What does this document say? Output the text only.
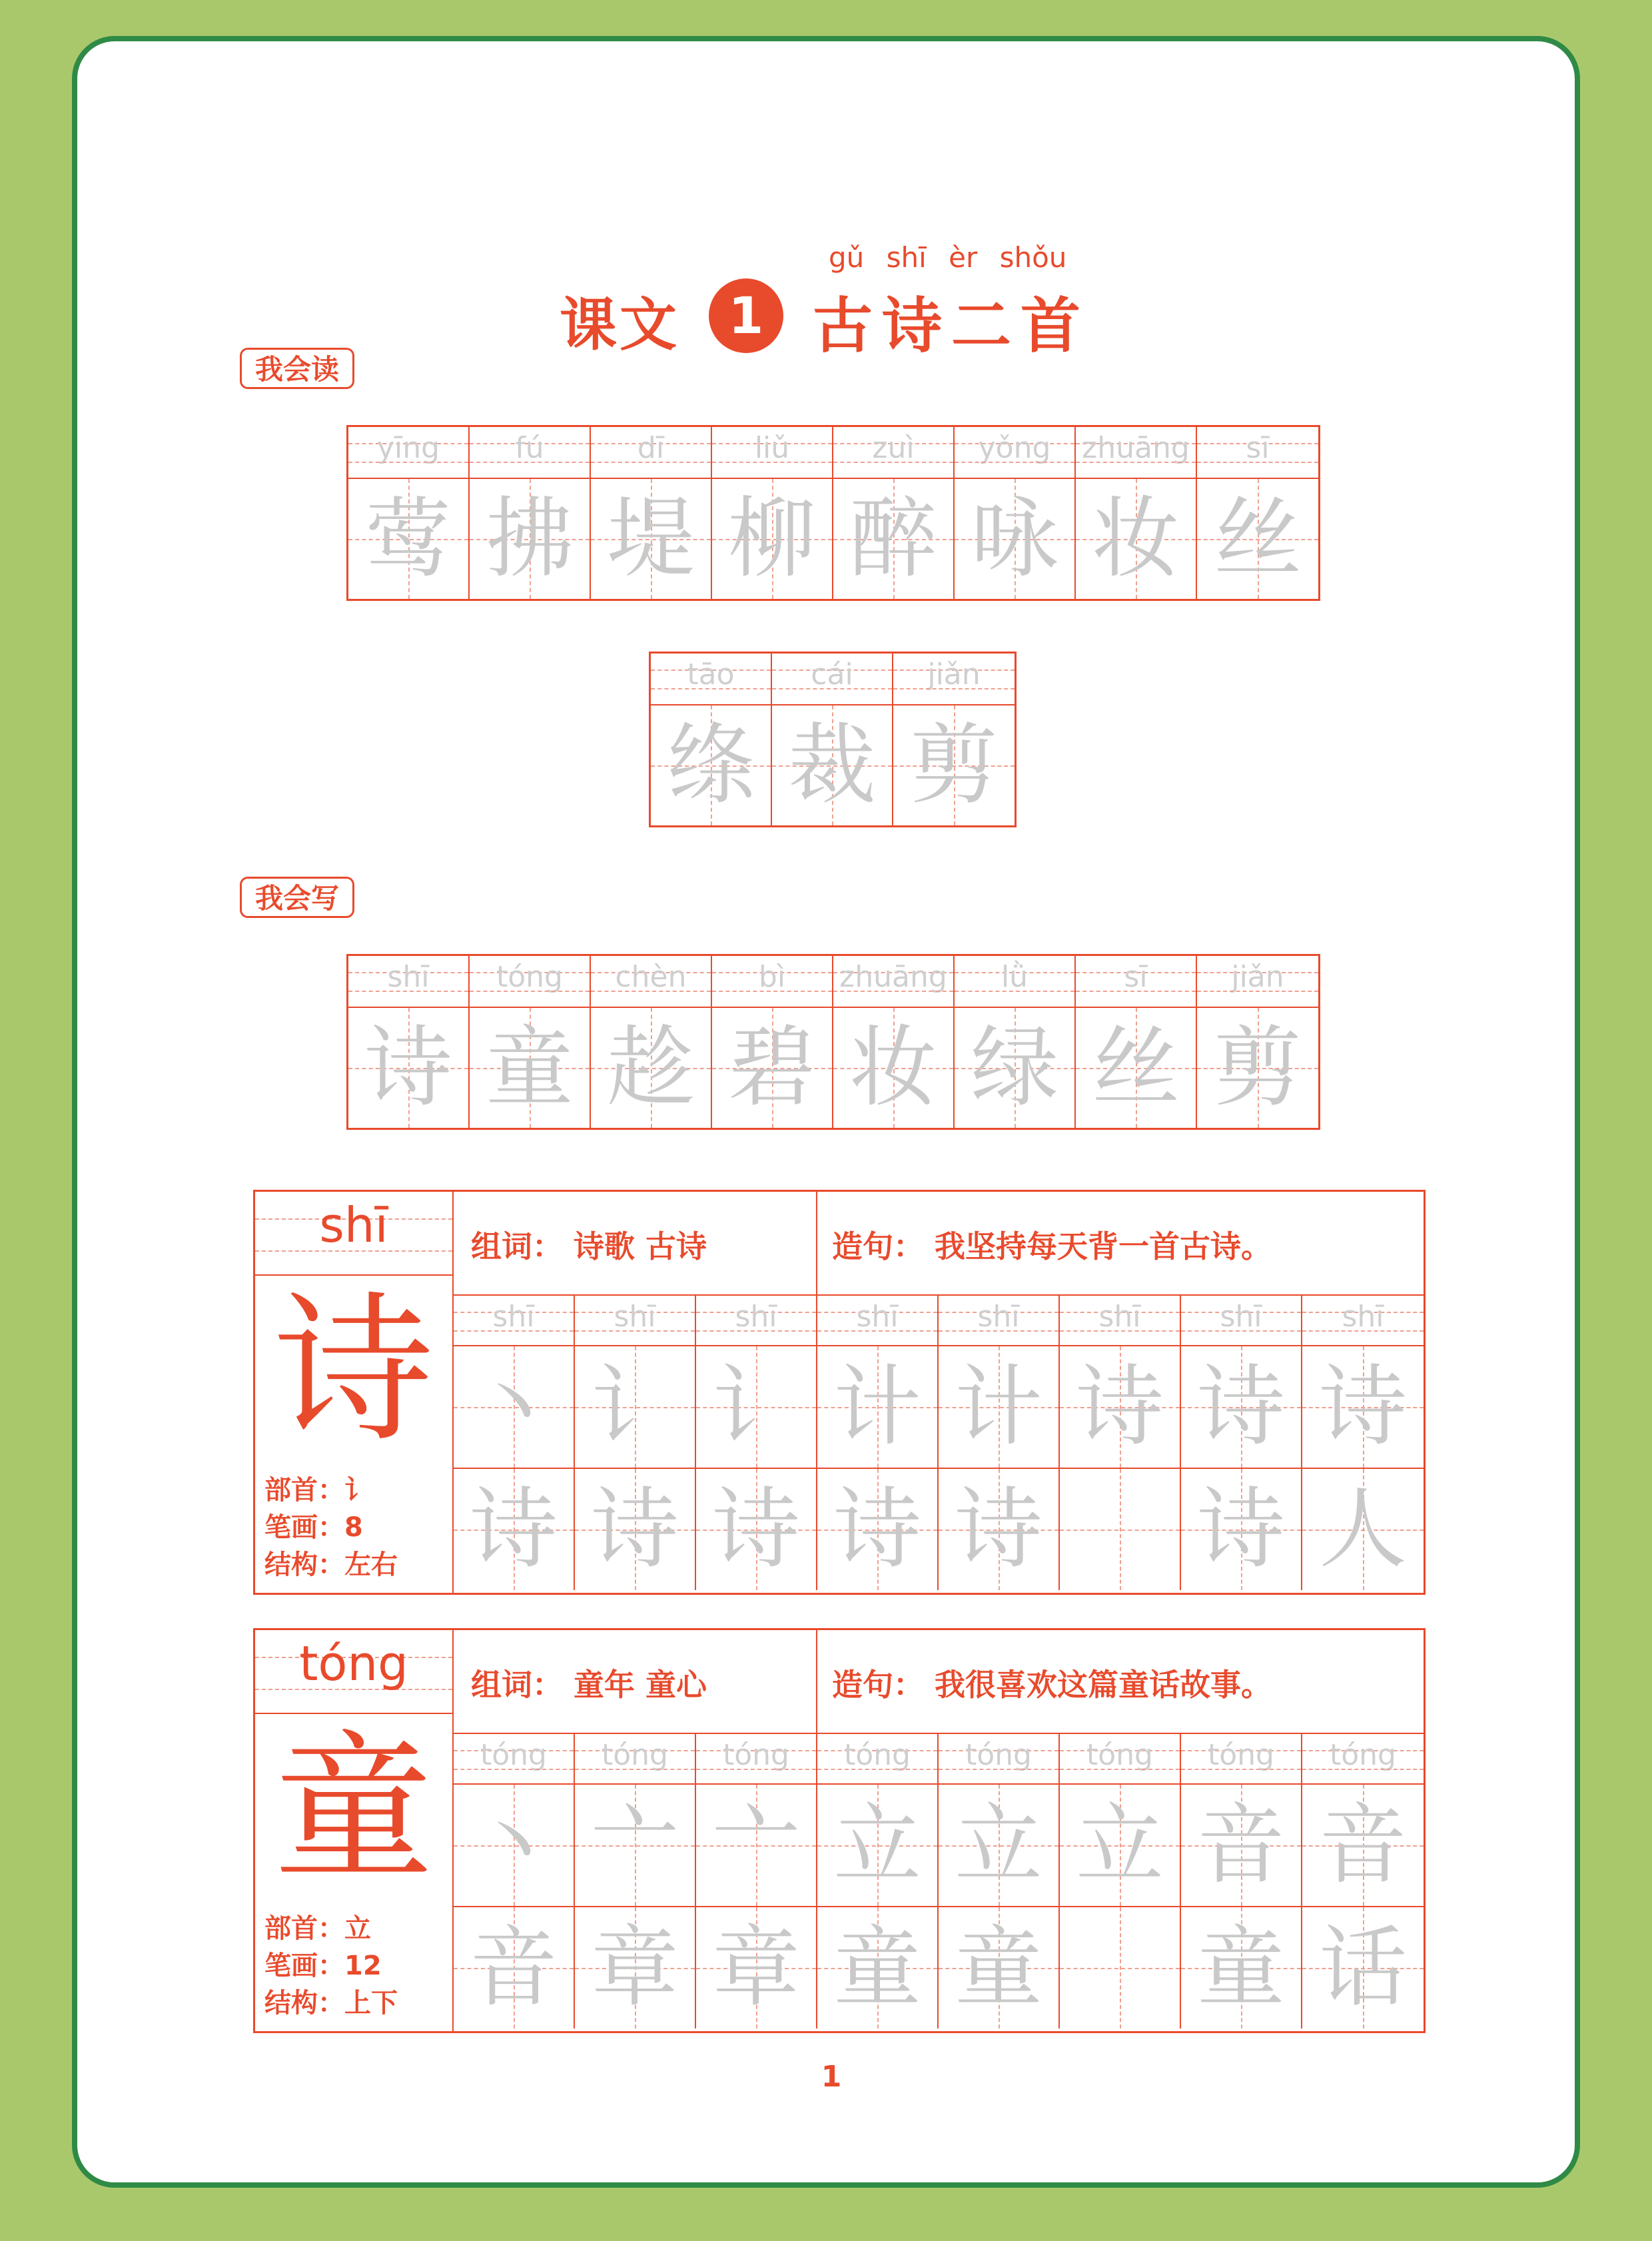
课文 1
gǔ shī èr shǒu
古诗二首
我会读
yīng
莺
fú
拂
dī
堤
liǔ
柳
zuì
醉
yǒng
咏
zhuāng
妆
sī
丝
tāo
绦
cái
裁
jiǎn
剪
我会写
shī
诗
tóng
童
chèn
趁
bì
碧
zhuāng
妆
lǜ
绿
sī
丝
jiǎn
剪
shī
诗
部首：讠
笔画：8
结构：左右
组词： 诗歌 古诗	造句： 我坚持每天背一首古诗。
shī
丶
shī
讠
shī
讠
shī
计
shī
计
shī
诗
shī
诗
shī
诗
诗 诗 诗 诗 诗 诗 人
tóng
童
部首：立
笔画：12
结构：上下
组词： 童年 童心	造句： 我很喜欢这篇童话故事。
tóng
丶
tóng
亠
tóng
亠
tóng
立
tóng
立
tóng
立
tóng
音
tóng
音
音 章 章 童 童 童 话
1
